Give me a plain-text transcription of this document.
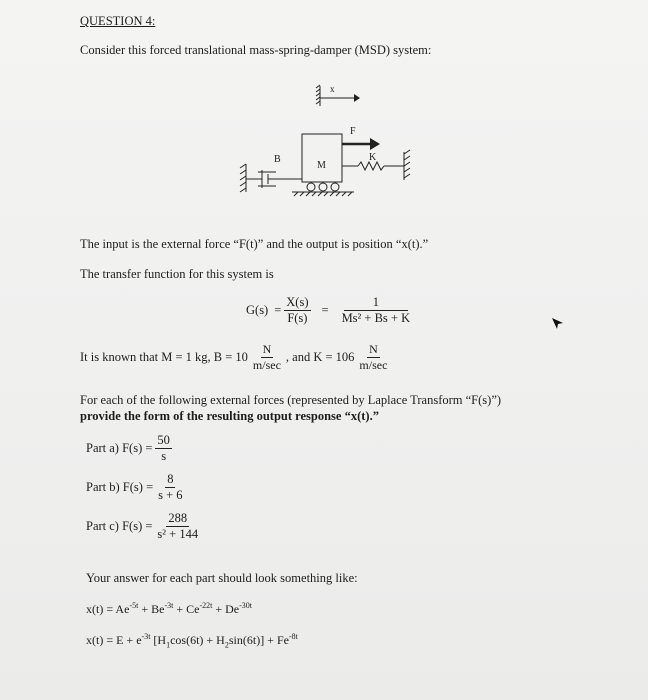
QUESTION 4:
Consider this forced translational mass-spring-damper (MSD) system:
x
F
B
M
K
The input is the external force “F(t)” and the output is position “x(t).”
The transfer function for this system is
$G(s) = \frac{X(s)}{F(s)} = \frac{1}{\text{Ms² + Bs + K}}$
It is known that M = 1 kg, $B = 10 \frac{N}{m/\sec}$ , and $K = 106 \frac{N}{m/\sec}$
For each of the following external forces (represented by Laplace Transform “F(s)”)
provide the form of the resulting output response “x(t).”
Part a) $F(s) = \frac{50}{s}$
Part b) $F(s) = \frac{8}{s + 6}$
Part c) $F(s) = \frac{288}{\text{s² + 144}}$
Your answer for each part should look something like:
$x(t) = Ae^{-5t} + Be^{-3t} + Ce^{-22t} + De^{-30t}$
$x(t) = E + e^{-3t}$ $[H_1\cos(6t) + H_2\sin(6t)] + Fe^{-8t}$
